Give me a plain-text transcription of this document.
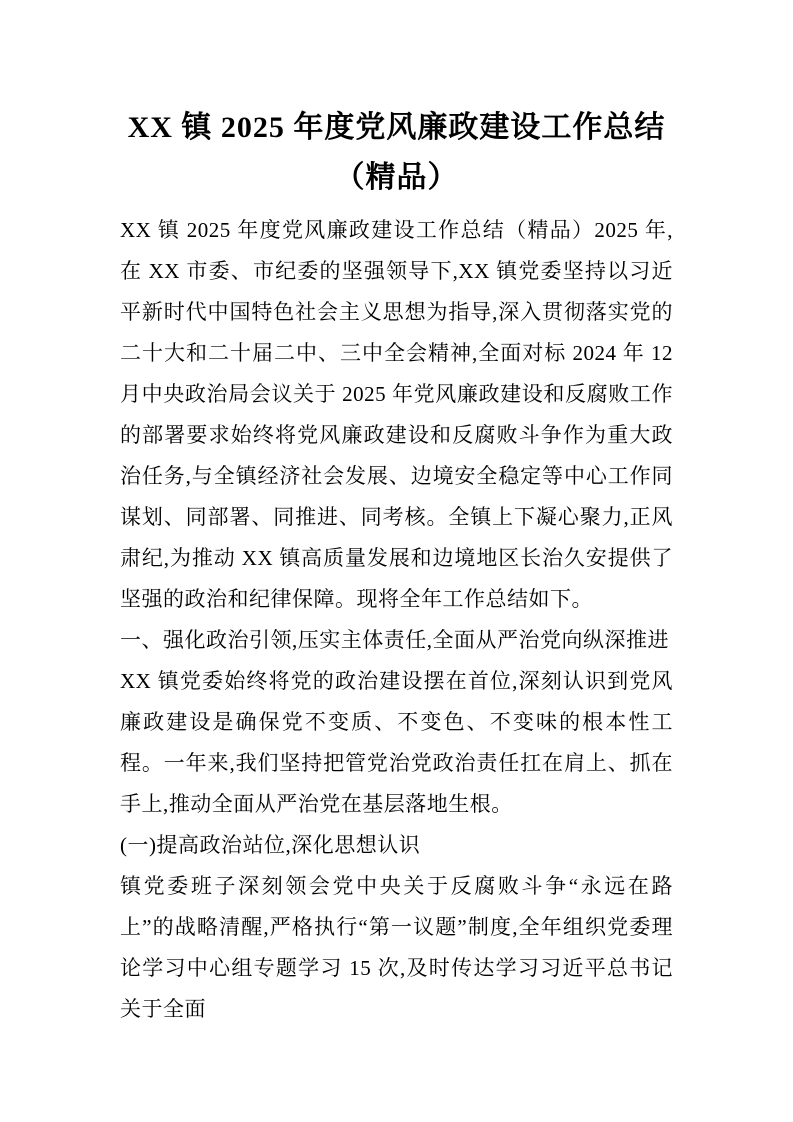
XX 镇 2025 年度党风廉政建设工作总结（精品）

XX 镇 2025 年度党风廉政建设工作总结（精品）2025 年,在 XX 市委、市纪委的坚强领导下,XX 镇党委坚持以习近平新时代中国特色社会主义思想为指导,深入贯彻落实党的二十大和二十届二中、三中全会精神,全面对标 2024 年 12 月中央政治局会议关于 2025 年党风廉政建设和反腐败工作的部署要求始终将党风廉政建设和反腐败斗争作为重大政治任务,与全镇经济社会发展、边境安全稳定等中心工作同谋划、同部署、同推进、同考核。全镇上下凝心聚力,正风肃纪,为推动 XX 镇高质量发展和边境地区长治久安提供了坚强的政治和纪律保障。现将全年工作总结如下。

一、强化政治引领,压实主体责任,全面从严治党向纵深推进

XX 镇党委始终将党的政治建设摆在首位,深刻认识到党风廉政建设是确保党不变质、不变色、不变味的根本性工程。一年来,我们坚持把管党治党政治责任扛在肩上、抓在手上,推动全面从严治党在基层落地生根。

(一)提高政治站位,深化思想认识

镇党委班子深刻领会党中央关于反腐败斗争“永远在路上”的战略清醒,严格执行“第一议题”制度,全年组织党委理论学习中心组专题学习 15 次,及时传达学习习近平总书记关于全面
